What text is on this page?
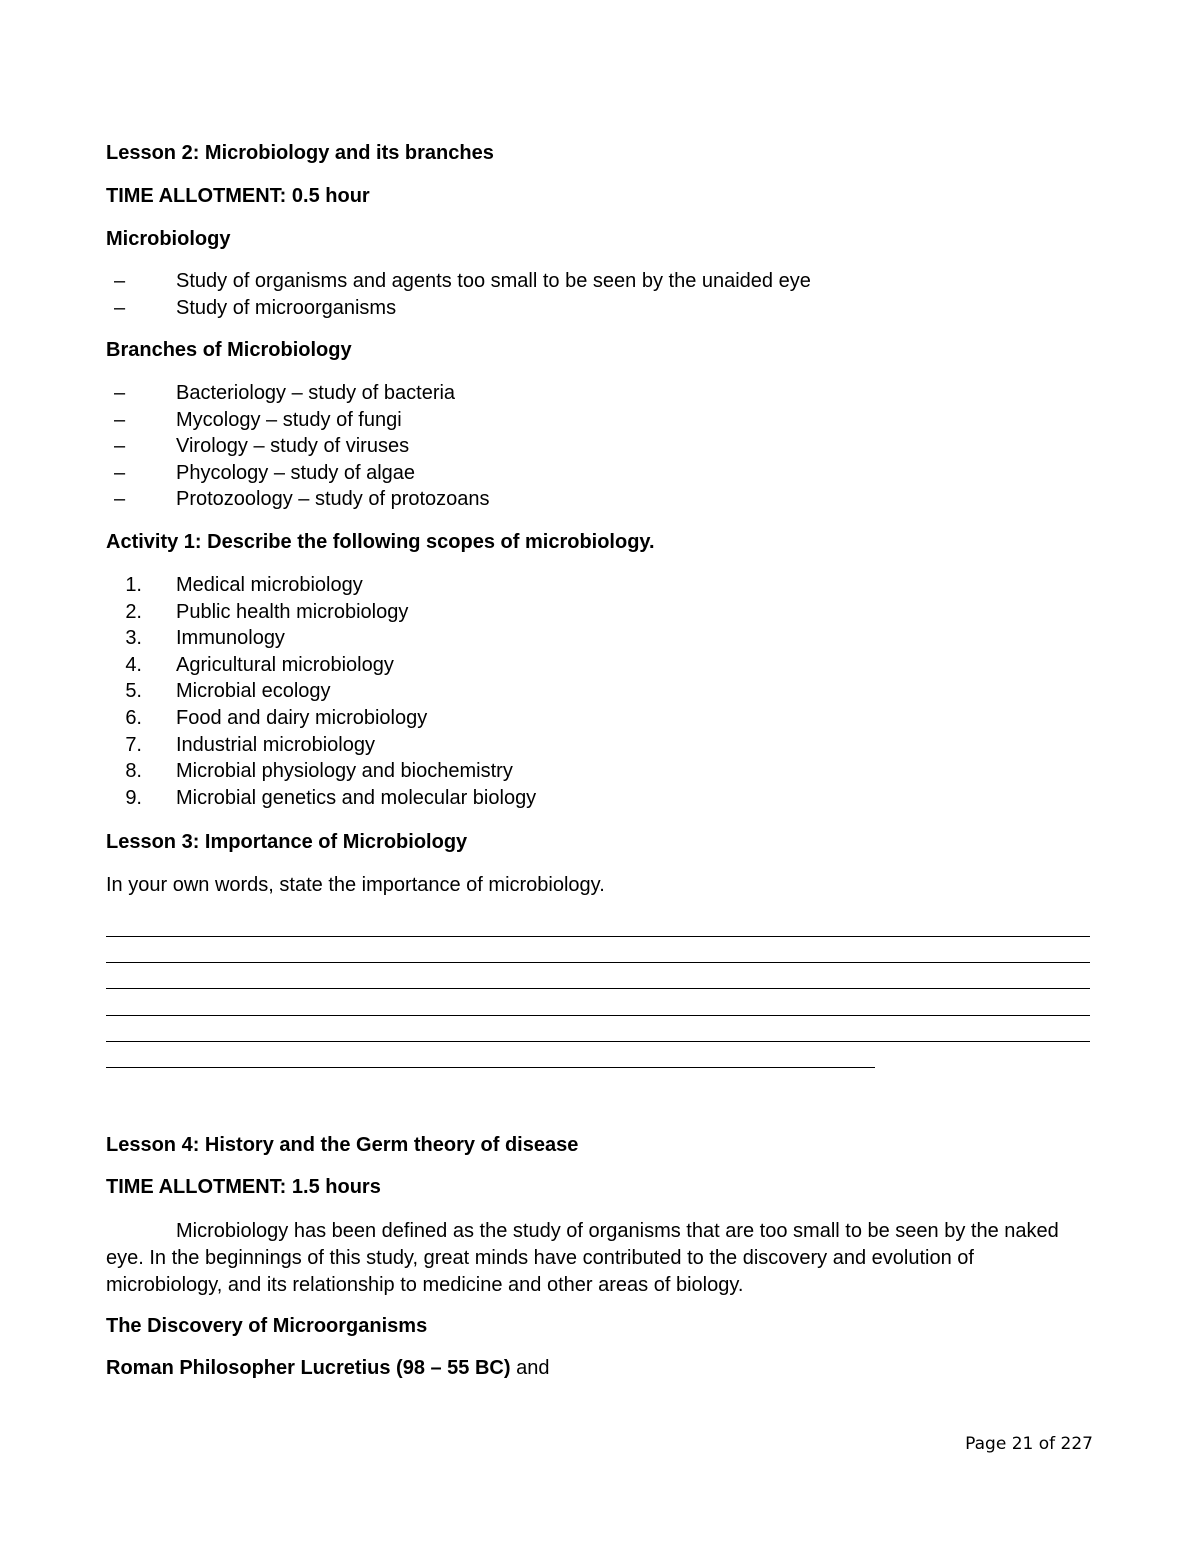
Lesson 2: Microbiology and its branches
TIME ALLOTMENT: 0.5 hour
Microbiology
–	Study of organisms and agents too small to be seen by the unaided eye
–	Study of microorganisms
Branches of Microbiology
–	Bacteriology – study of bacteria
–	Mycology – study of fungi
–	Virology – study of viruses
–	Phycology – study of algae
–	Protozoology – study of protozoans
Activity 1: Describe the following scopes of microbiology.
1. Medical microbiology
2. Public health microbiology
3. Immunology
4. Agricultural microbiology
5. Microbial ecology
6. Food and dairy microbiology
7. Industrial microbiology
8. Microbial physiology and biochemistry
9. Microbial genetics and molecular biology
Lesson 3: Importance of Microbiology
In your own words, state the importance of microbiology.
Lesson 4: History and the Germ theory of disease
TIME ALLOTMENT: 1.5 hours

Microbiology has been defined as the study of organisms that are too small to be seen by the naked eye. In the beginnings of this study, great minds have contributed to the discovery and evolution of microbiology, and its relationship to medicine and other areas of biology.

The Discovery of Microorganisms
Roman Philosopher Lucretius (98 – 55 BC) and
Page 21 of 227
